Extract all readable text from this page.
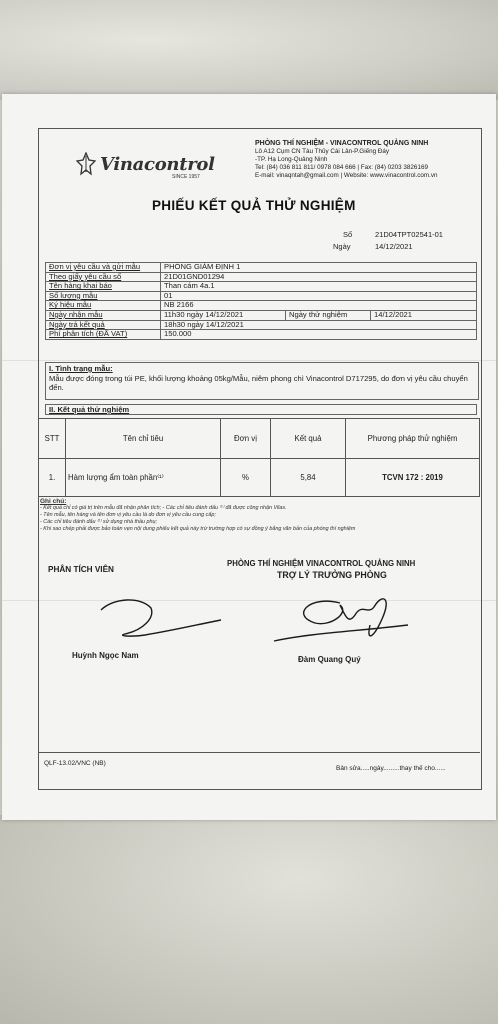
Vinacontrol
SINCE 1957
PHÒNG THÍ NGHIỆM - VINACONTROL QUẢNG NINH
Lô A12 Cụm CN Tàu Thủy Cái Lân-P.Giếng Đáy
-TP. Hạ Long-Quảng Ninh
Tel: (84) 036 811 811/ 0978 084 666 | Fax: (84) 0203 3826169
E-mail: vinaqntah@gmail.com | Website: www.vinacontrol.com.vn
PHIẾU KẾT QUẢ THỬ NGHIỆM
Số	21D04TPT02541-01
Ngày	14/12/2021
Đơn vị yêu cầu và gửi mẫu	PHÒNG GIÁM ĐỊNH 1		
Theo giấy yêu cầu số	21D01GND01294		
Tên hàng khai báo	Than cám 4a.1		
Số lượng mẫu	01		
Ký hiệu mẫu	NB 2166		
Ngày nhận mẫu	11h30 ngày 14/12/2021	Ngày thử nghiệm	14/12/2021
Ngày trả kết quả	18h30 ngày 14/12/2021		
Phí phân tích (ĐÃ VAT)	150.000		
I. Tình trạng mẫu:
Mẫu được đóng trong túi PE, khối lượng khoảng 05kg/Mẫu, niêm phong chì Vinacontrol D717295, do đơn vị yêu cầu chuyển đến.
II. Kết quả thử nghiệm
STT	Tên chỉ tiêu	Đơn vị	Kết quả	Phương pháp thử nghiệm
1.	Hàm lượng ẩm toàn phần⁽¹⁾	%	5,84	TCVN 172 : 2019
Ghi chú:
- Kết quả chỉ có giá trị trên mẫu đã nhận phân tích; - Các chỉ tiêu đánh dấu ⁽¹⁾ đã được công nhận Vilas.
- Tên mẫu, tên hàng và tên đơn vị yêu cầu là do đơn vị yêu cầu cung cấp;
- Các chỉ tiêu đánh dấu ⁽²⁾ sử dụng nhà thầu phụ;
- Khi sao chép phải được bảo toàn vẹn nội dung phiếu kết quả này trừ trường hợp có sự đồng ý bằng văn bản của phòng thí nghiệm
PHÂN TÍCH VIÊN
PHÒNG THÍ NGHIỆM VINACONTROL QUẢNG NINH
TRỢ LÝ TRƯỞNG PHÒNG
Huỳnh Ngọc Nam	Đàm Quang Quý
QLF-13.02/VNC (NB)
Bản sửa.....ngày.........thay thế cho......
